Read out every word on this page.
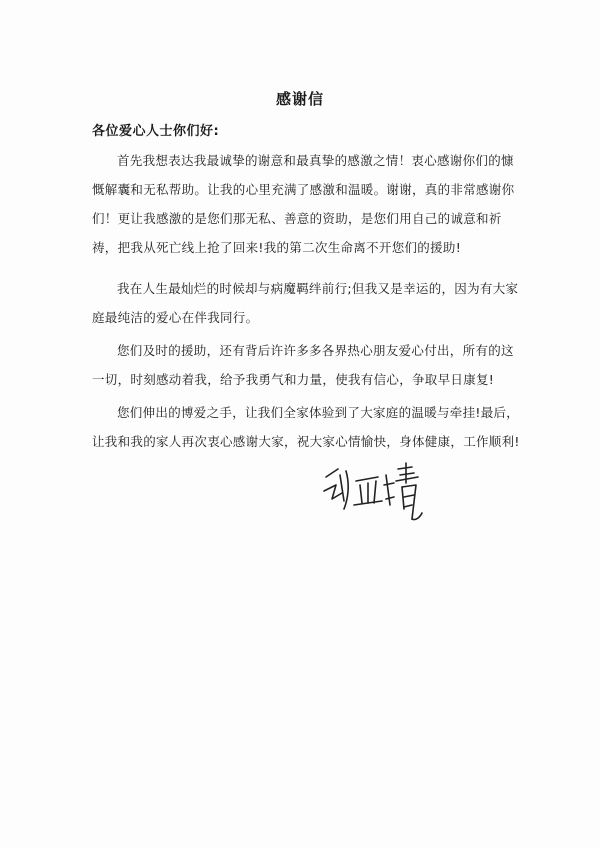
感谢信
各位爱心人士你们好:
首先我想表达我最诚挚的谢意和最真挚的感激之情！衷心感谢你们的慷慨解囊和无私帮助。让我的心里充满了感激和温暖。谢谢，真的非常感谢你们！更让我感激的是您们那无私、善意的资助，是您们用自己的诚意和祈祷，把我从死亡线上抢了回来!我的第二次生命离不开您们的援助!
我在人生最灿烂的时候却与病魔羁绊前行;但我又是幸运的，因为有大家庭最纯洁的爱心在伴我同行。
您们及时的援助，还有背后许许多多各界热心朋友爱心付出，所有的这一切，时刻感动着我，给予我勇气和力量，使我有信心，争取早日康复!
您们伸出的博爱之手，让我们全家体验到了大家庭的温暖与牵挂!最后，让我和我的家人再次衷心感谢大家，祝大家心情愉快，身体健康，工作顺利!
